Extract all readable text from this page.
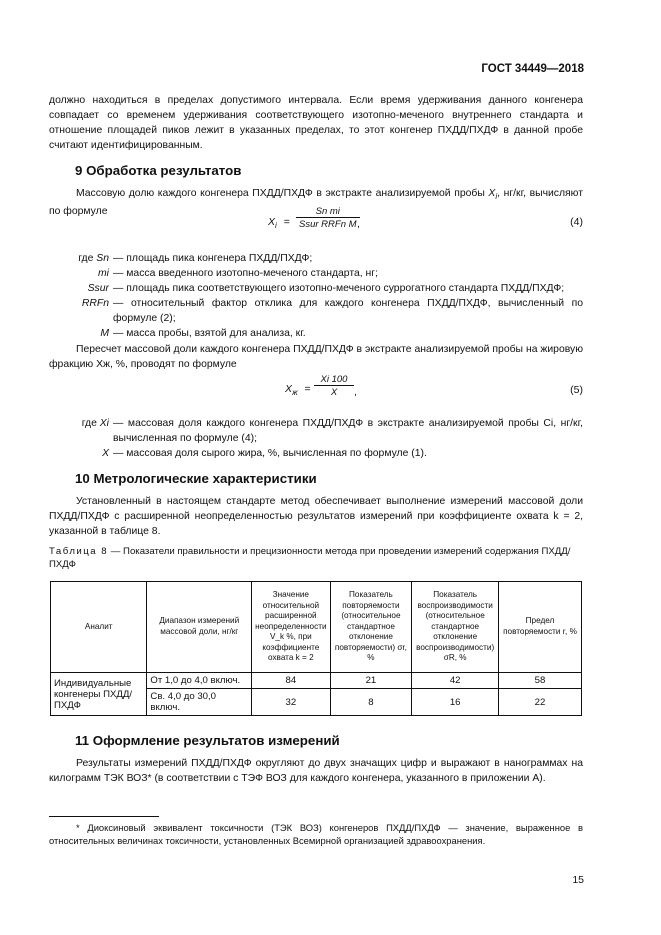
ГОСТ 34449—2018
должно находиться в пределах допустимого интервала. Если время удерживания данного конгенера совпадает со временем удерживания соответствующего изотопно-меченого внутреннего стандарта и отношение площадей пиков лежит в указанных пределах, то этот конгенер ПХДД/ПХДФ в данной пробе считают идентифицированным.
9 Обработка результатов
Массовую долю каждого конгенера ПХДД/ПХДФ в экстракте анализируемой пробы $X_i$, нг/кг, вычисляют по формуле
$X_i$ =
Sn mi
Ssur RRFn M ,	(4)
где Sn — площадь пика конгенера ПХДД/ПХДФ;
mi — масса введенного изотопно-меченого стандарта, нг;
Ssur — площадь пика соответствующего изотопно-меченого суррогатного стандарта ПХДД/ПХДФ;
RRFn — относительный фактор отклика для каждого конгенера ПХДД/ПХДФ, вычисленный по формуле (2);
M — масса пробы, взятой для анализа, кг.
Пересчет массовой доли каждого конгенера ПХДД/ПХДФ в экстракте анализируемой пробы на жировую фракцию Xж, %, проводят по формуле
$X_ж = \frac{Xi 100}{X}$ ,	(5)
где Xi — массовая доля каждого конгенера ПХДД/ПХДФ в экстракте анализируемой пробы Ci, нг/кг, вычисленная по формуле (4);
X — массовая доля сырого жира, %, вычисленная по формуле (1).
10 Метрологические характеристики
Установленный в настоящем стандарте метод обеспечивает выполнение измерений массовой доли ПХДД/ПХДФ с расширенной неопределенностью результатов измерений при коэффициенте охвата k = 2, указанной в таблице 8.
Таблица 8 — Показатели правильности и прецизионности метода при проведении измерений содержания ПХДД/ПХДФ
Аналит	Диапазон измерений массовой доли, нг/кг	Значение относительной расширенной неопределенности V_k %, при коэффициенте охвата k = 2	Показатель повторяемости (относительное стандартное отклонение повторяемости) σr, %	Показатель воспроизводимости (относительное стандартное отклонение воспроизводимости) σR, %	Предел повторяемости r, %
Индивидуальные конгенеры ПХДД/ПХДФ	От 1,0 до 4,0 включ.	84	21	42	58
	Св. 4,0 до 30,0 включ.	32	8	16	22
11 Оформление результатов измерений
Результаты измерений ПХДД/ПХДФ округляют до двух значащих цифр и выражают в нанограммах на килограмм ТЭК ВОЗ* (в соответствии с ТЭФ ВОЗ для каждого конгенера, указанного в приложении А).
* Диоксиновый эквивалент токсичности (ТЭК ВОЗ) конгенеров ПХДД/ПХДФ — значение, выраженное в относительных величинах токсичности, установленных Всемирной организацией здравоохранения.
15
